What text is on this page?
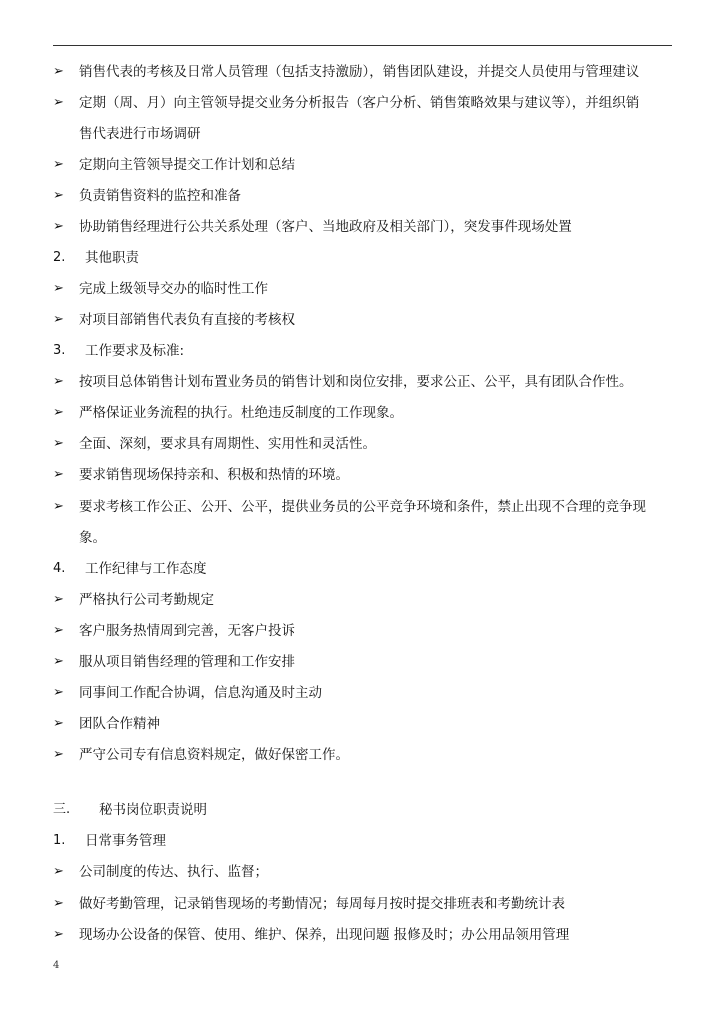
➢ 销售代表的考核及日常人员管理（包括支持激励），销售团队建设，并提交人员使用与管理建议
➢ 定期（周、月）向主管领导提交业务分析报告（客户分析、销售策略效果与建议等），并组织销
售代表进行市场调研
➢ 定期向主管领导提交工作计划和总结
➢ 负责销售资料的监控和准备
➢ 协助销售经理进行公共关系处理（客户、当地政府及相关部门），突发事件现场处置
2. 其他职责
➢ 完成上级领导交办的临时性工作
➢ 对项目部销售代表负有直接的考核权
3. 工作要求及标准:
➢ 按项目总体销售计划布置业务员的销售计划和岗位安排，要求公正、公平，具有团队合作性。
➢ 严格保证业务流程的执行。杜绝违反制度的工作现象。
➢ 全面、深刻，要求具有周期性、实用性和灵活性。
➢ 要求销售现场保持亲和、积极和热情的环境。
➢ 要求考核工作公正、公开、公平，提供业务员的公平竞争环境和条件，禁止出现不合理的竞争现
象。
4. 工作纪律与工作态度
➢ 严格执行公司考勤规定
➢ 客户服务热情周到完善，无客户投诉
➢ 服从项目销售经理的管理和工作安排
➢ 同事间工作配合协调，信息沟通及时主动
➢ 团队合作精神
➢ 严守公司专有信息资料规定，做好保密工作。
三. 秘书岗位职责说明
1. 日常事务管理
➢ 公司制度的传达、执行、监督；
➢ 做好考勤管理，记录销售现场的考勤情况；每周每月按时提交排班表和考勤统计表
➢ 现场办公设备的保管、使用、维护、保养，出现问题 报修及时；办公用品领用管理
4
